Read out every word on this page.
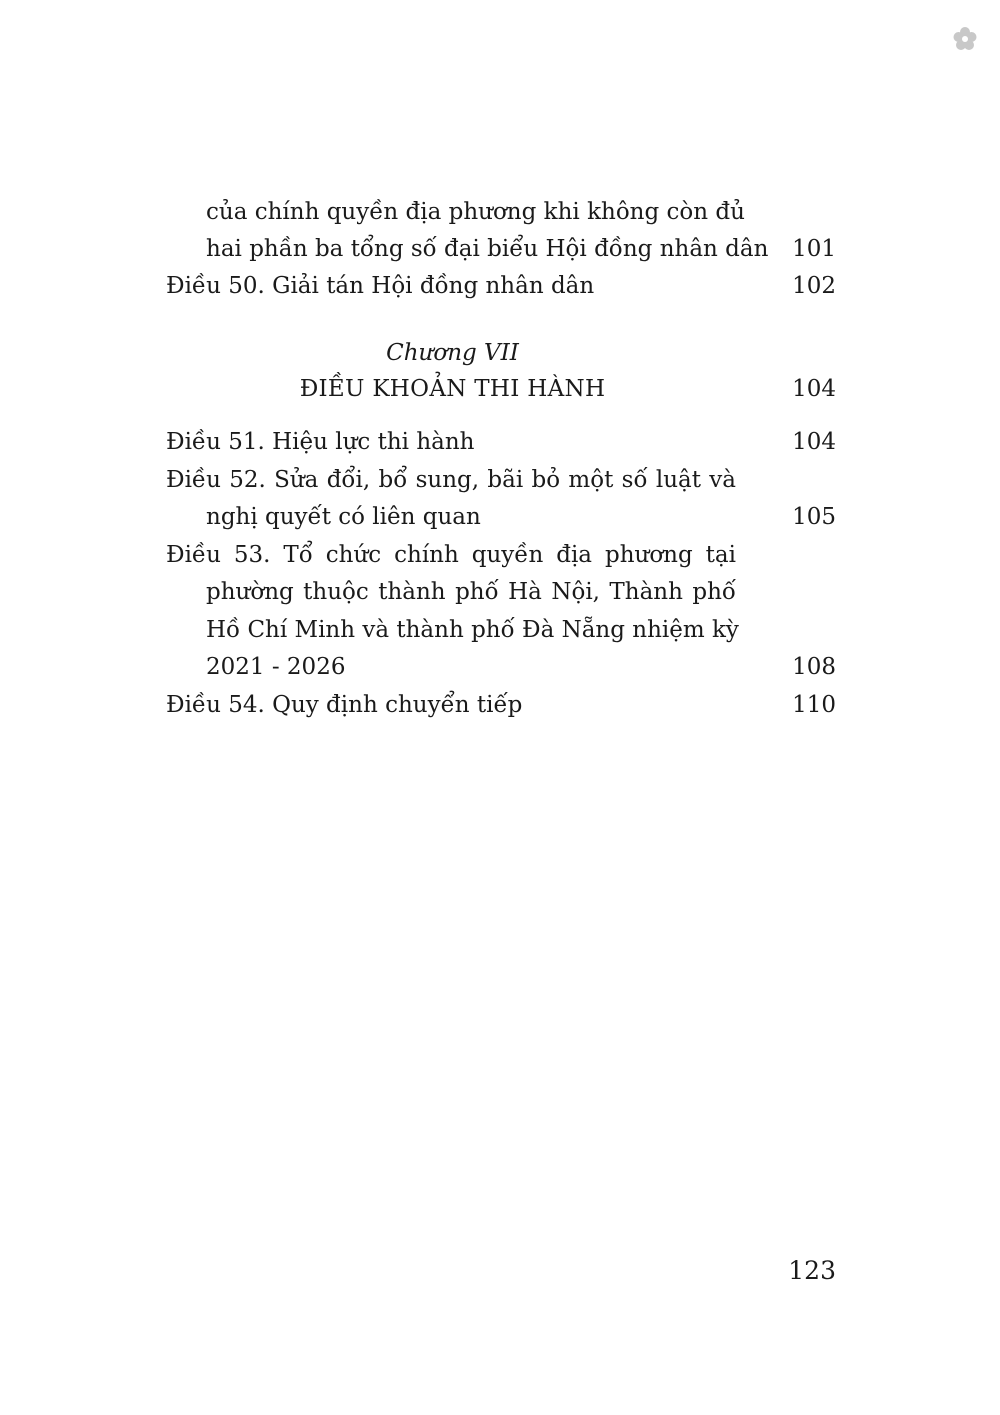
của chính quyền địa phương khi không còn đủ
hai phần ba tổng số đại biểu Hội đồng nhân dân 101
Điều 50. Giải tán Hội đồng nhân dân	102
Chương VII
ĐIỀU KHOẢN THI HÀNH	104
Điều 51. Hiệu lực thi hành	104
Điều 52. Sửa đổi, bổ sung, bãi bỏ một số luật và
nghị quyết có liên quan	105
Điều 53. Tổ chức chính quyền địa phương tại
phường thuộc thành phố Hà Nội, Thành phố
Hồ Chí Minh và thành phố Đà Nẵng nhiệm kỳ
2021 - 2026	108
Điều 54. Quy định chuyển tiếp	110
123
